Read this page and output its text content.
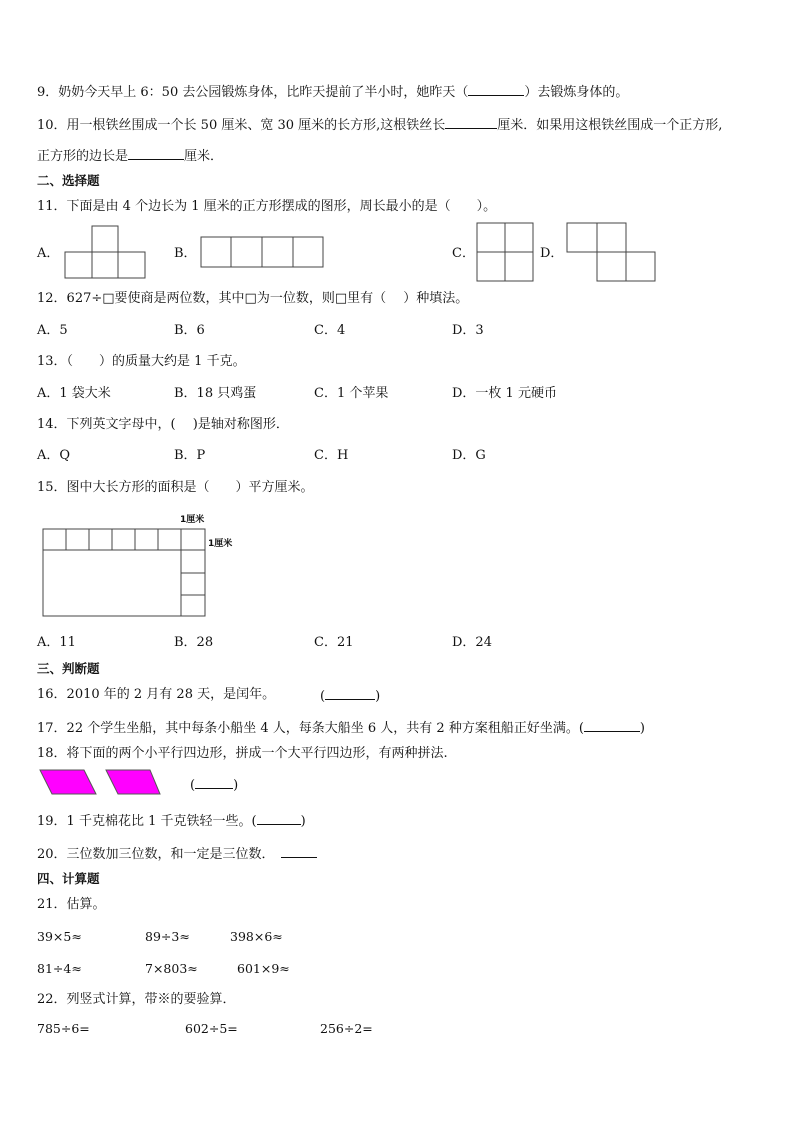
9．奶奶今天早上 6：50 去公园锻炼身体，比昨天提前了半小时，她昨天（	）去锻炼身体的。
10．用一根铁丝围成一个长 50 厘米、宽 30 厘米的长方形,这根铁丝长	厘米．如果用这根铁丝围成一个正方形,
正方形的边长是	厘米．
二、选择题
11．下面是由 4 个边长为 1 厘米的正方形摆成的图形，周长最小的是（　　）。
A．	B．	C．	D．
12．627÷□要使商是两位数，其中□为一位数，则□里有（　 ）种填法。
A．5	B．6	C．4	D．3
13．（　　）的质量大约是 1 千克。
A．1 袋大米	B．18 只鸡蛋	C．1 个苹果	D．一枚 1 元硬币
14．下列英文字母中，(　 )是轴对称图形．
A．Q	B．P	C．H	D．G
15．图中大长方形的面积是（　　）平方厘米。
1厘米
1厘米
A．11	B．28	C．21	D．24
三、判断题
16．2010 年的 2 月有 28 天，是闰年。	(	)
17．22 个学生坐船，其中每条小船坐 4 人，每条大船坐 6 人，共有 2 种方案租船正好坐满。(	)
18．将下面的两个小平行四边形，拼成一个大平行四边形，有两种拼法.
(	)
19．1 千克棉花比 1 千克铁轻一些。(	)
20．三位数加三位数，和一定是三位数．
四、计算题
21．估算。
39×5≈	89÷3≈	398×6≈
81÷4≈	7×803≈	601×9≈
22．列竖式计算，带※的要验算．
785÷6=	602÷5=	256÷2=
